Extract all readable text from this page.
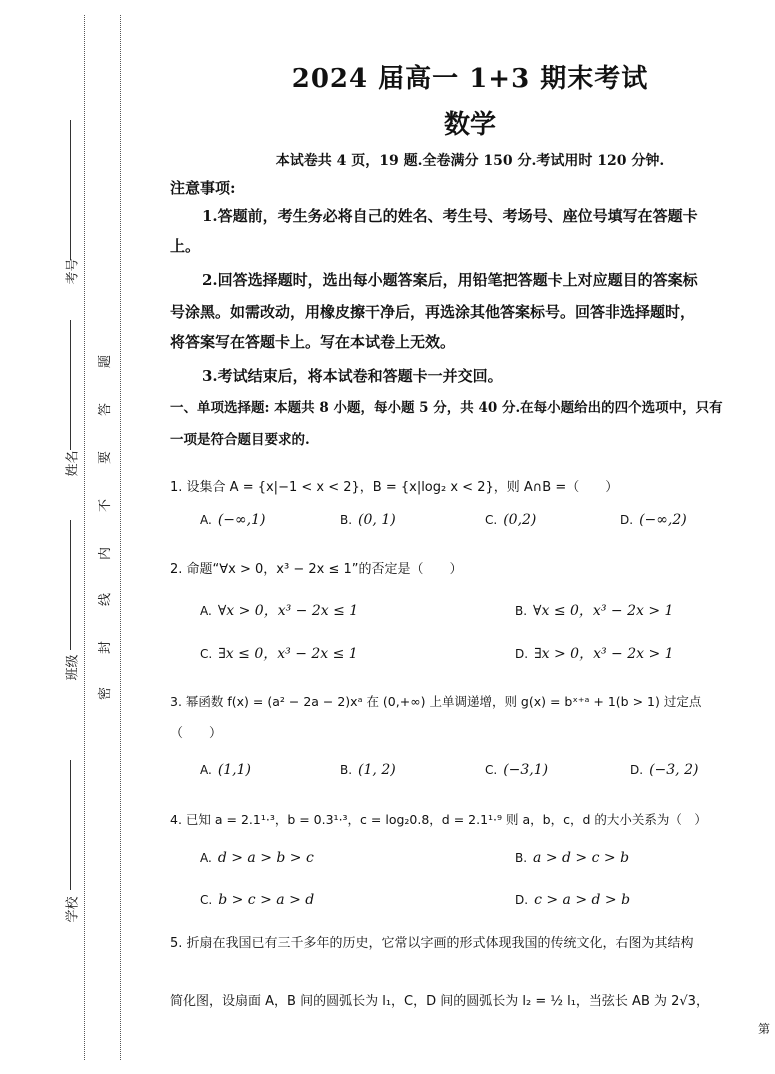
考号
姓名
班级
学校
密
封
线
内
不
要
答
题
2024 届高一 1+3 期末考试
数学
本试卷共 4 页，19 题.全卷满分 150 分.考试用时 120 分钟.
注意事项:
1.答题前，考生务必将自己的姓名、考生号、考场号、座位号填写在答题卡
上。
2.回答选择题时，选出每小题答案后，用铅笔把答题卡上对应题目的答案标
号涂黑。如需改动，用橡皮擦干净后，再选涂其他答案标号。回答非选择题时，
将答案写在答题卡上。写在本试卷上无效。
3.考试结束后，将本试卷和答题卡一并交回。
一、单项选择题: 本题共 8 小题，每小题 5 分，共 40 分.在每小题给出的四个选项中，只有
一项是符合题目要求的.
1. 设集合 A = {x|−1 < x < 2}，B = {x|log₂ x < 2}，则 A∩B =（　　）
A. (−∞,1)	B. (0, 1)	C. (0,2)	D. (−∞,2)
2. 命题“∀x > 0，x³ − 2x ≤ 1”的否定是（　　）
A. ∀x > 0，x³ − 2x ≤ 1	B. ∀x ≤ 0，x³ − 2x > 1
C. ∃x ≤ 0，x³ − 2x ≤ 1	D. ∃x > 0，x³ − 2x > 1
3. 幂函数 f(x) = (a² − 2a − 2)xᵃ 在 (0,+∞) 上单调递增，则 g(x) = bˣ⁺ᵃ + 1(b > 1) 过定点
（　　）
A. (1,1)	B. (1, 2)	C. (−3,1)	D. (−3, 2)
4. 已知 a = 2.1¹·³，b = 0.3¹·³，c = log₂0.8，d = 2.1¹·⁹ 则 a，b，c，d 的大小关系为（　）
A. d > a > b > c	B. a > d > c > b
C. b > c > a > d	D. c > a > d > b
5. 折扇在我国已有三千多年的历史，它常以字画的形式体现我国的传统文化，右图为其结构
简化图，设扇面 A，B 间的圆弧长为 l₁，C，D 间的圆弧长为 l₂ = ½ l₁，当弦长 AB 为 2√3，
第
